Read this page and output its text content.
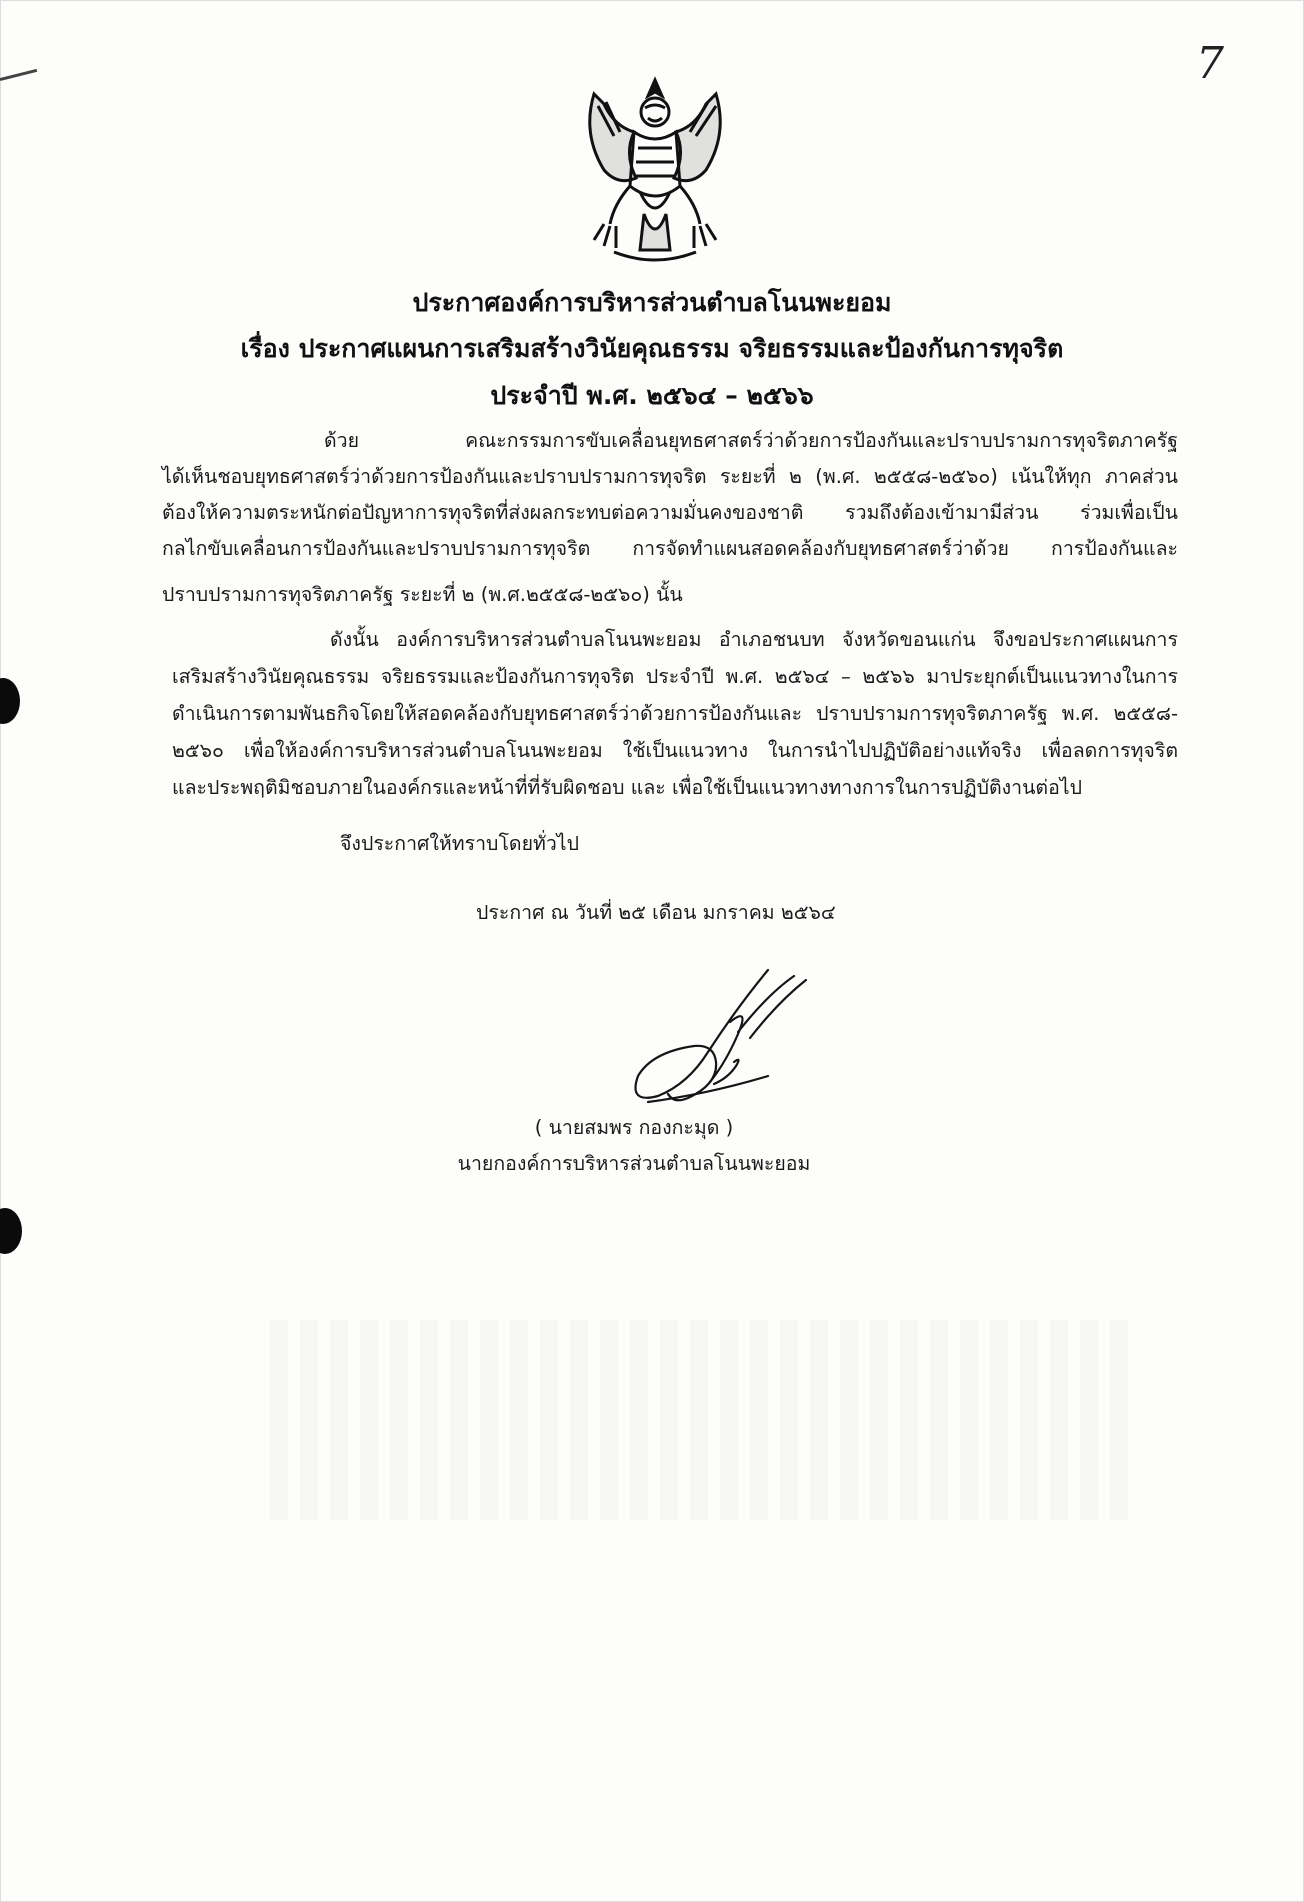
7
ประกาศองค์การบริหารส่วนตำบลโนนพะยอม
เรื่อง ประกาศแผนการเสริมสร้างวินัยคุณธรรม จริยธรรมและป้องกันการทุจริต
ประจำปี พ.ศ. ๒๕๖๔ – ๒๕๖๖
ด้วย คณะกรรมการขับเคลื่อนยุทธศาสตร์ว่าด้วยการป้องกันและปราบปรามการทุจริตภาครัฐ
ได้เห็นชอบยุทธศาสตร์ว่าด้วยการป้องกันและปราบปรามการทุจริต ระยะที่ ๒ (พ.ศ. ๒๕๕๘-๒๕๖๐) เน้นให้ทุก ภาคส่วน
ต้องให้ความตระหนักต่อปัญหาการทุจริตที่ส่งผลกระทบต่อความมั่นคงของชาติ รวมถึงต้องเข้ามามีส่วน ร่วมเพื่อเป็น
กลไกขับเคลื่อนการป้องกันและปราบปรามการทุจริต การจัดทำแผนสอดคล้องกับยุทธศาสตร์ว่าด้วย การป้องกันและ
ปราบปรามการทุจริตภาครัฐ ระยะที่ ๒ (พ.ศ.๒๕๕๘-๒๕๖๐) นั้น
ดังนั้น องค์การบริหารส่วนตำบลโนนพะยอม อำเภอชนบท จังหวัดขอนแก่น จึงขอประกาศแผนการ
เสริมสร้างวินัยคุณธรรม จริยธรรมและป้องกันการทุจริต ประจำปี พ.ศ. ๒๕๖๔ – ๒๕๖๖ มาประยุกต์เป็นแนวทางในการ
ดำเนินการตามพันธกิจโดยให้สอดคล้องกับยุทธศาสตร์ว่าด้วยการป้องกันและ ปราบปรามการทุจริตภาครัฐ พ.ศ. ๒๕๕๘-
๒๕๖๐ เพื่อให้องค์การบริหารส่วนตำบลโนนพะยอม ใช้เป็นแนวทาง ในการนำไปปฏิบัติอย่างแท้จริง เพื่อลดการทุจริต
และประพฤติมิชอบภายในองค์กรและหน้าที่ที่รับผิดชอบ และ เพื่อใช้เป็นแนวทางทางการในการปฏิบัติงานต่อไป
จึงประกาศให้ทราบโดยทั่วไป
ประกาศ ณ วันที่ ๒๕ เดือน มกราคม ๒๕๖๔
( นายสมพร กองกะมุด )
นายกองค์การบริหารส่วนตำบลโนนพะยอม
